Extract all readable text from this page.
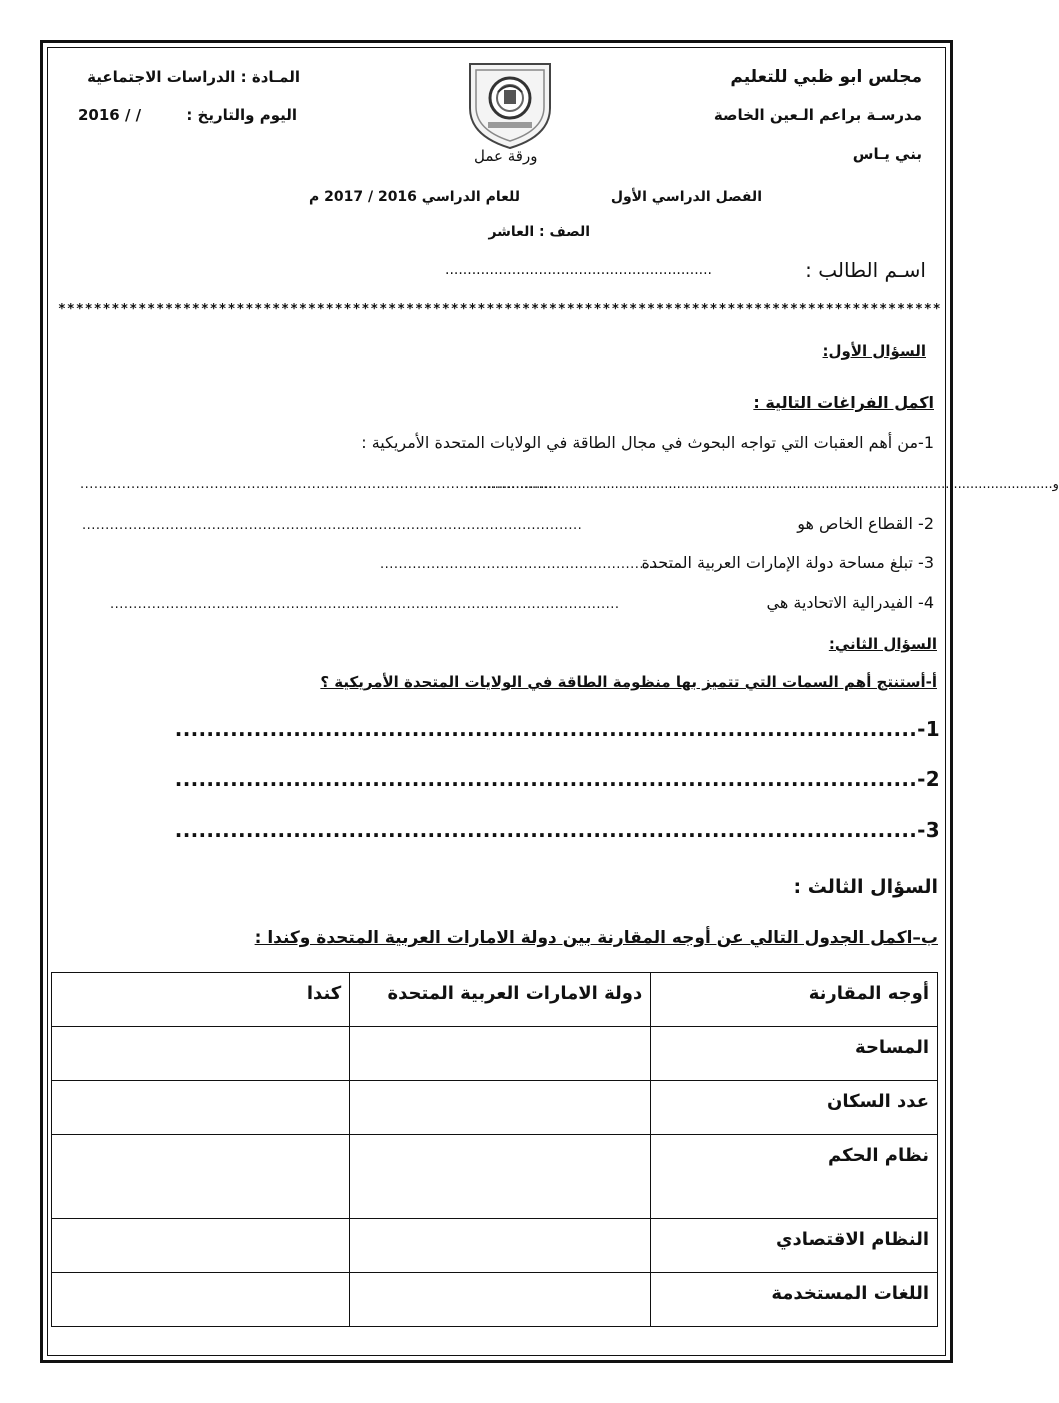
مجلس ابو ظبي للتعليم
مدرسـة براعم الـعين الخاصة
بني يـاس
المـادة : الدراسات الاجتماعية
اليوم والتاريخ :
2016 / /
ورقة عمل
الفصل الدراسي الأول
للعام الدراسي 2016 / 2017 م
الصف : العاشر
اسـم الطالب :
............................................................
***************************************************************************************************
السؤال الأول:
اكمل الفراغات التالية :
1-من أهم العقبات التي تواجه البحوث في مجال الطاقة في الولايات المتحدة الأمريكية :
........................................................................................................
.............................................................................................................................................و
2- القطاع الخاص هو
............................................................................................................
3- تبلغ مساحة دولة الإمارات العربية المتحدة
............................................................
4- الفيدرالية الاتحادية هي
..............................................................................................................
السؤال الثاني:
أ-أستنتج أهم السمات التي تتميز بها منظومة الطاقة في الولايات المتحدة الأمريكية ؟
1-..............................................................................................
2-..............................................................................................
3-..............................................................................................
السؤال الثالث :
ب–اكمل الجدول التالي عن أوجه المقارنة بين دولة الامارات العربية المتحدة وكندا :
أوجه المقارنة	دولة الامارات العربية المتحدة	كندا
المساحة		
عدد السكان		
نظام الحكم		
النظام الاقتصادي		
اللغات المستخدمة		
